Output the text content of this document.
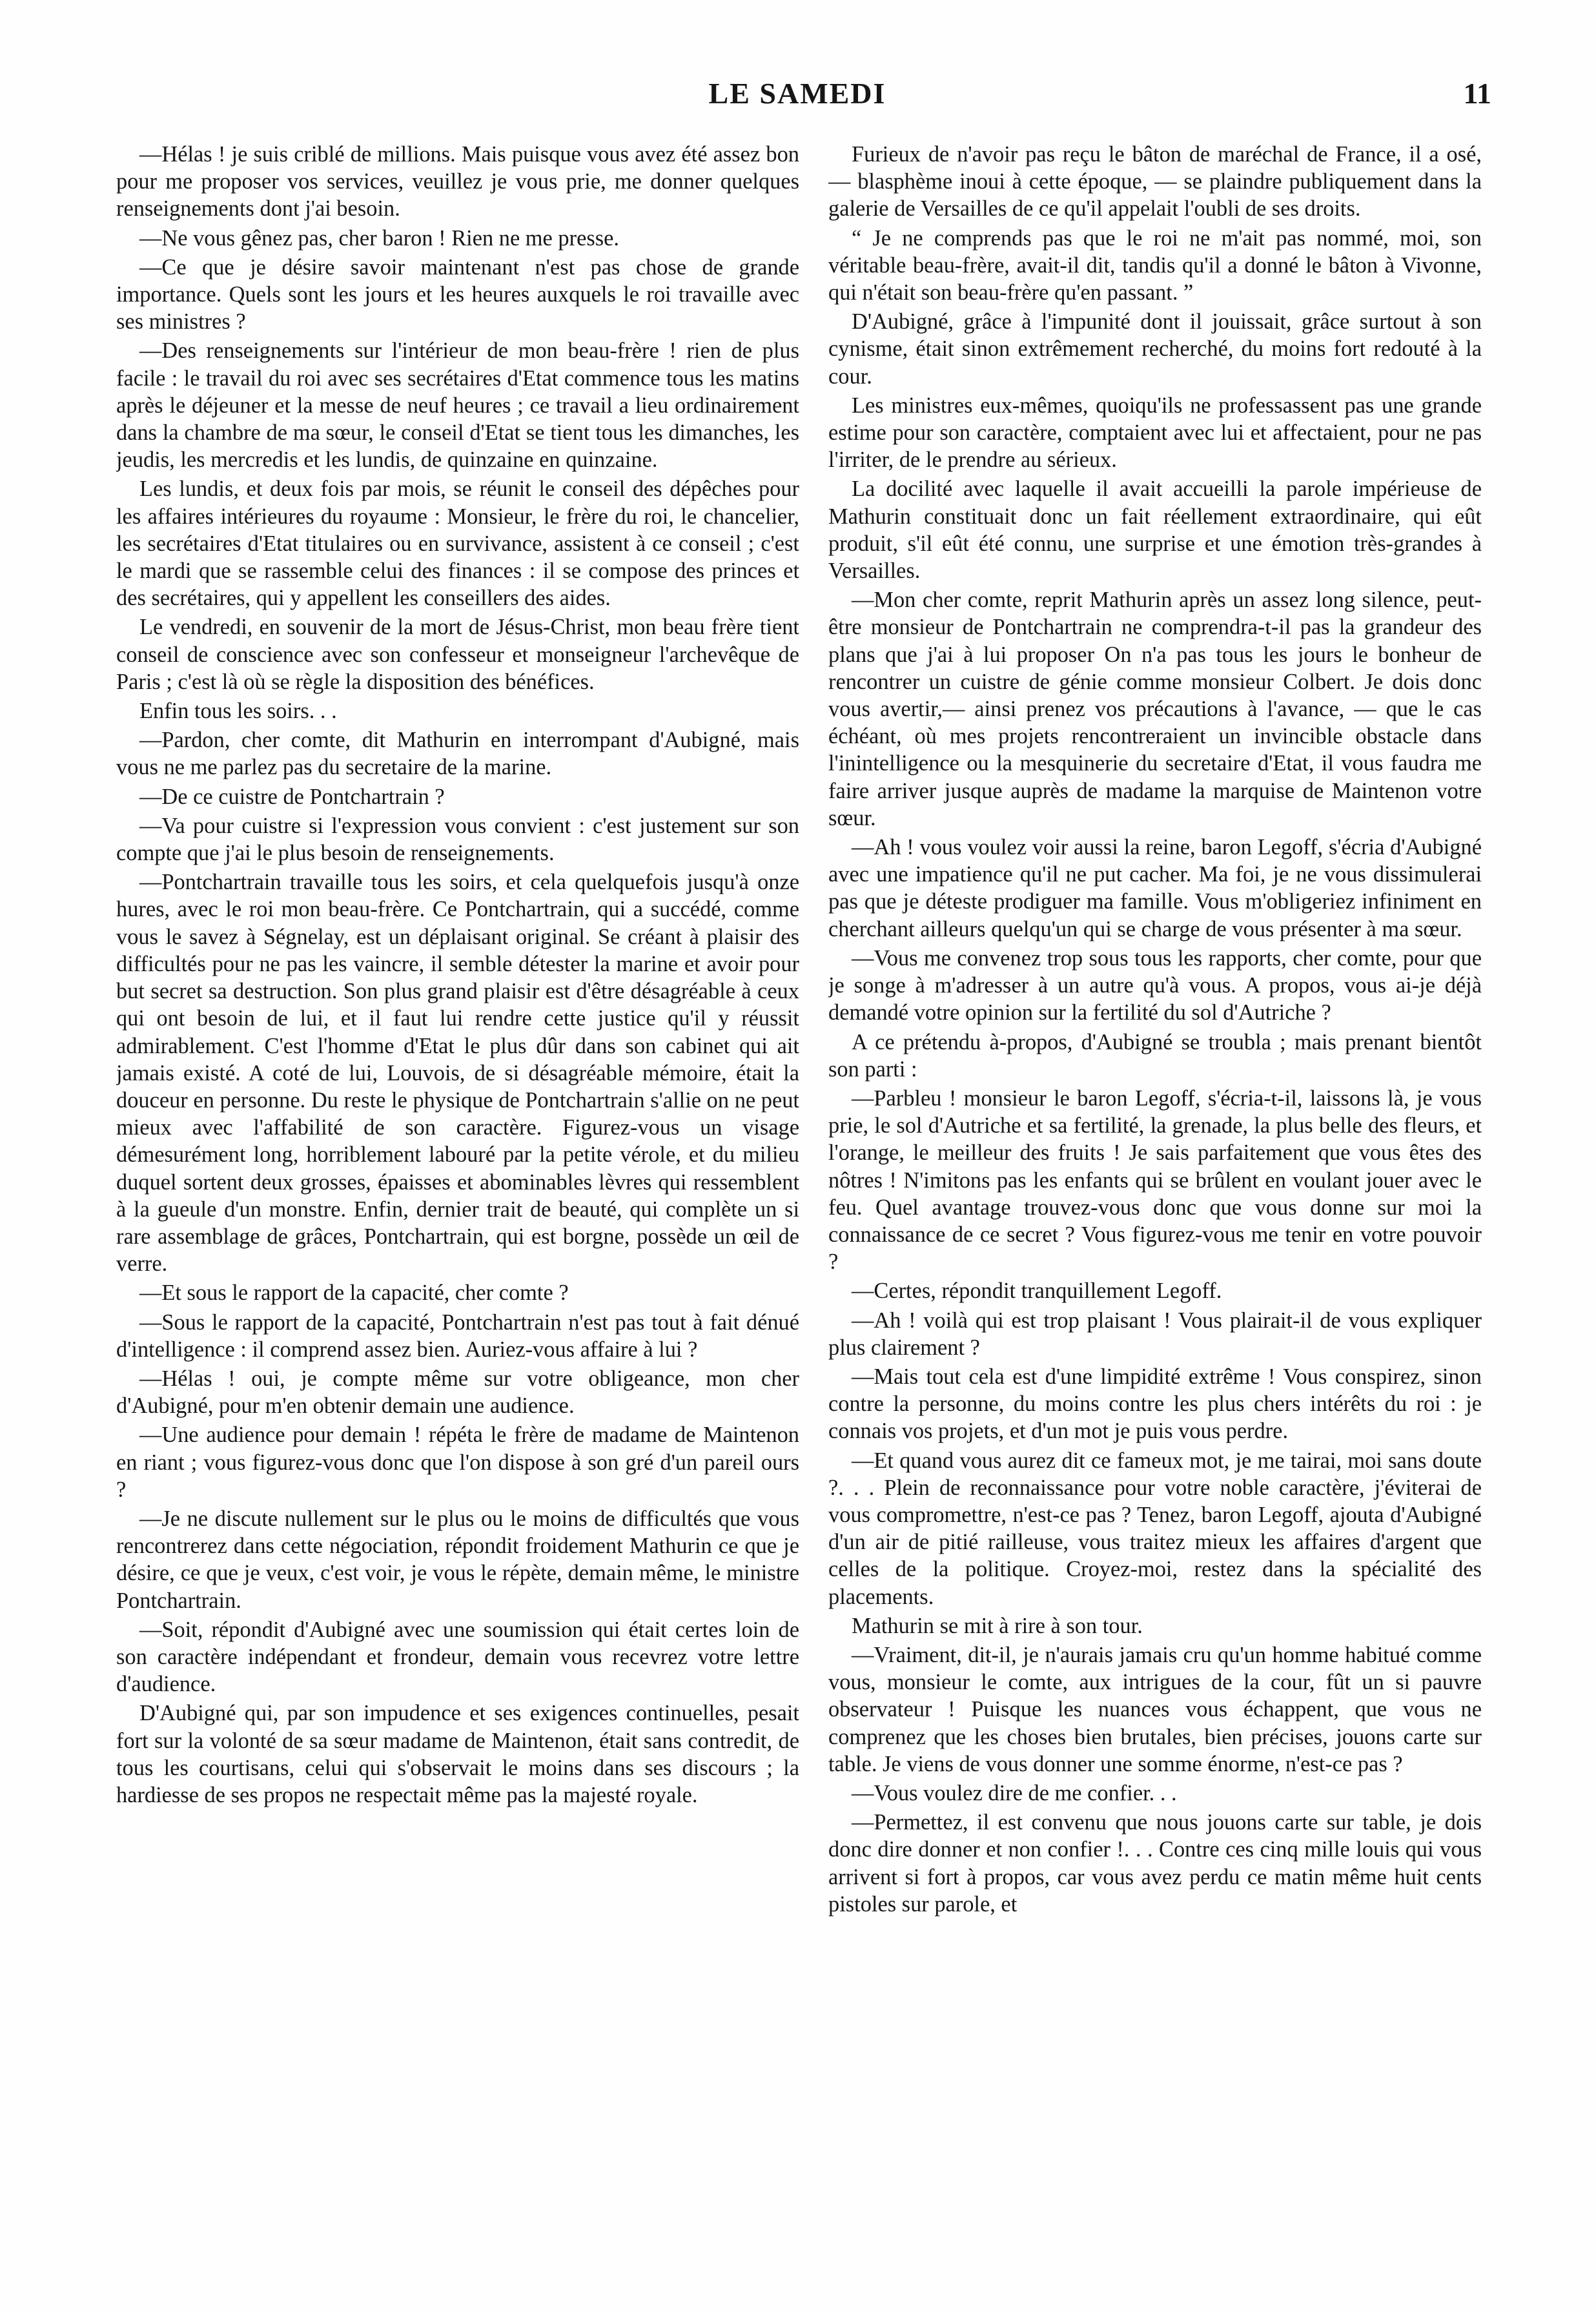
LE SAMEDI	11

—Hélas ! je suis criblé de millions. Mais puisque vous avez été assez bon pour me proposer vos services, veuillez je vous prie, me donner quelques renseignements dont j'ai besoin.

—Ne vous gênez pas, cher baron ! Rien ne me presse.

—Ce que je désire savoir maintenant n'est pas chose de grande importance. Quels sont les jours et les heures auxquels le roi travaille avec ses ministres ?

—Des renseignements sur l'intérieur de mon beau-frère ! rien de plus facile : le travail du roi avec ses secrétaires d'Etat commence tous les matins après le déjeuner et la messe de neuf heures ; ce travail a lieu ordinairement dans la chambre de ma sœur, le conseil d'Etat se tient tous les dimanches, les jeudis, les mercredis et les lundis, de quinzaine en quinzaine.

Les lundis, et deux fois par mois, se réunit le conseil des dépêches pour les affaires intérieures du royaume : Monsieur, le frère du roi, le chancelier, les secrétaires d'Etat titulaires ou en survivance, assistent à ce conseil ; c'est le mardi que se rassemble celui des finances : il se compose des princes et des secrétaires, qui y appellent les conseillers des aides.

Le vendredi, en souvenir de la mort de Jésus-Christ, mon beau frère tient conseil de conscience avec son confesseur et monseigneur l'archevêque de Paris ; c'est là où se règle la disposition des bénéfices.

Enfin tous les soirs. . .

—Pardon, cher comte, dit Mathurin en interrompant d'Aubigné, mais vous ne me parlez pas du secretaire de la marine.

—De ce cuistre de Pontchartrain ?

—Va pour cuistre si l'expression vous convient : c'est justement sur son compte que j'ai le plus besoin de renseignements.

—Pontchartrain travaille tous les soirs, et cela quelquefois jusqu'à onze hures, avec le roi mon beau-frère. Ce Pontchartrain, qui a succédé, comme vous le savez à Ségnelay, est un déplaisant original. Se créant à plaisir des difficultés pour ne pas les vaincre, il semble détester la marine et avoir pour but secret sa destruction. Son plus grand plaisir est d'être désagréable à ceux qui ont besoin de lui, et il faut lui rendre cette justice qu'il y réussit admirablement. C'est l'homme d'Etat le plus dûr dans son cabinet qui ait jamais existé. A coté de lui, Louvois, de si désagréable mémoire, était la douceur en personne. Du reste le physique de Pontchartrain s'allie on ne peut mieux avec l'affabilité de son caractère. Figurez-vous un visage démesurément long, horriblement labouré par la petite vérole, et du milieu duquel sortent deux grosses, épaisses et abominables lèvres qui ressemblent à la gueule d'un monstre. Enfin, dernier trait de beauté, qui complète un si rare assemblage de grâces, Pontchartrain, qui est borgne, possède un œil de verre.

—Et sous le rapport de la capacité, cher comte ?

—Sous le rapport de la capacité, Pontchartrain n'est pas tout à fait dénué d'intelligence : il comprend assez bien. Auriez-vous affaire à lui ?

—Hélas ! oui, je compte même sur votre obligeance, mon cher d'Aubigné, pour m'en obtenir demain une audience.

—Une audience pour demain ! répéta le frère de madame de Maintenon en riant ; vous figurez-vous donc que l'on dispose à son gré d'un pareil ours ?

—Je ne discute nullement sur le plus ou le moins de difficultés que vous rencontrerez dans cette négociation, répondit froidement Mathurin ce que je désire, ce que je veux, c'est voir, je vous le répète, demain même, le ministre Pontchartrain.

—Soit, répondit d'Aubigné avec une soumission qui était certes loin de son caractère indépendant et frondeur, demain vous recevrez votre lettre d'audience.

D'Aubigné qui, par son impudence et ses exigences continuelles, pesait fort sur la volonté de sa sœur madame de Maintenon, était sans contredit, de tous les courtisans, celui qui s'observait le moins dans ses discours ; la hardiesse de ses propos ne respectait même pas la majesté royale.

Furieux de n'avoir pas reçu le bâton de maréchal de France, il a osé, — blasphème inoui à cette époque, — se plaindre publiquement dans la galerie de Versailles de ce qu'il appelait l'oubli de ses droits.

“ Je ne comprends pas que le roi ne m'ait pas nommé, moi, son véritable beau-frère, avait-il dit, tandis qu'il a donné le bâton à Vivonne, qui n'était son beau-frère qu'en passant. ”

D'Aubigné, grâce à l'impunité dont il jouissait, grâce surtout à son cynisme, était sinon extrêmement recherché, du moins fort redouté à la cour.

Les ministres eux-mêmes, quoiqu'ils ne professassent pas une grande estime pour son caractère, comptaient avec lui et affectaient, pour ne pas l'irriter, de le prendre au sérieux.

La docilité avec laquelle il avait accueilli la parole impérieuse de Mathurin constituait donc un fait réellement extraordinaire, qui eût produit, s'il eût été connu, une surprise et une émotion très-grandes à Versailles.

—Mon cher comte, reprit Mathurin après un assez long silence, peut-être monsieur de Pontchartrain ne comprendra-t-il pas la grandeur des plans que j'ai à lui proposer On n'a pas tous les jours le bonheur de rencontrer un cuistre de génie comme monsieur Colbert. Je dois donc vous avertir,— ainsi prenez vos précautions à l'avance, — que le cas échéant, où mes projets rencontreraient un invincible obstacle dans l'inintelligence ou la mesquinerie du secretaire d'Etat, il vous faudra me faire arriver jusque auprès de madame la marquise de Maintenon votre sœur.

—Ah ! vous voulez voir aussi la reine, baron Legoff, s'écria d'Aubigné avec une impatience qu'il ne put cacher. Ma foi, je ne vous dissimulerai pas que je déteste prodiguer ma famille. Vous m'obligeriez infiniment en cherchant ailleurs quelqu'un qui se charge de vous présenter à ma sœur.

—Vous me convenez trop sous tous les rapports, cher comte, pour que je songe à m'adresser à un autre qu'à vous. A propos, vous ai-je déjà demandé votre opinion sur la fertilité du sol d'Autriche ?

A ce prétendu à-propos, d'Aubigné se troubla ; mais prenant bientôt son parti :

—Parbleu ! monsieur le baron Legoff, s'écria-t-il, laissons là, je vous prie, le sol d'Autriche et sa fertilité, la grenade, la plus belle des fleurs, et l'orange, le meilleur des fruits ! Je sais parfaitement que vous êtes des nôtres ! N'imitons pas les enfants qui se brûlent en voulant jouer avec le feu. Quel avantage trouvez-vous donc que vous donne sur moi la connaissance de ce secret ? Vous figurez-vous me tenir en votre pouvoir ?

—Certes, répondit tranquillement Legoff.

—Ah ! voilà qui est trop plaisant ! Vous plairait-il de vous expliquer plus clairement ?

—Mais tout cela est d'une limpidité extrême ! Vous conspirez, sinon contre la personne, du moins contre les plus chers intérêts du roi : je connais vos projets, et d'un mot je puis vous perdre.

—Et quand vous aurez dit ce fameux mot, je me tairai, moi sans doute ?. . . Plein de reconnaissance pour votre noble caractère, j'éviterai de vous compromettre, n'est-ce pas ? Tenez, baron Legoff, ajouta d'Aubigné d'un air de pitié railleuse, vous traitez mieux les affaires d'argent que celles de la politique. Croyez-moi, restez dans la spécialité des placements.

Mathurin se mit à rire à son tour.

—Vraiment, dit-il, je n'aurais jamais cru qu'un homme habitué comme vous, monsieur le comte, aux intrigues de la cour, fût un si pauvre observateur ! Puisque les nuances vous échappent, que vous ne comprenez que les choses bien brutales, bien précises, jouons carte sur table. Je viens de vous donner une somme énorme, n'est-ce pas ?

—Vous voulez dire de me confier. . .

—Permettez, il est convenu que nous jouons carte sur table, je dois donc dire donner et non confier !. . . Contre ces cinq mille louis qui vous arrivent si fort à propos, car vous avez perdu ce matin même huit cents pistoles sur parole, et
